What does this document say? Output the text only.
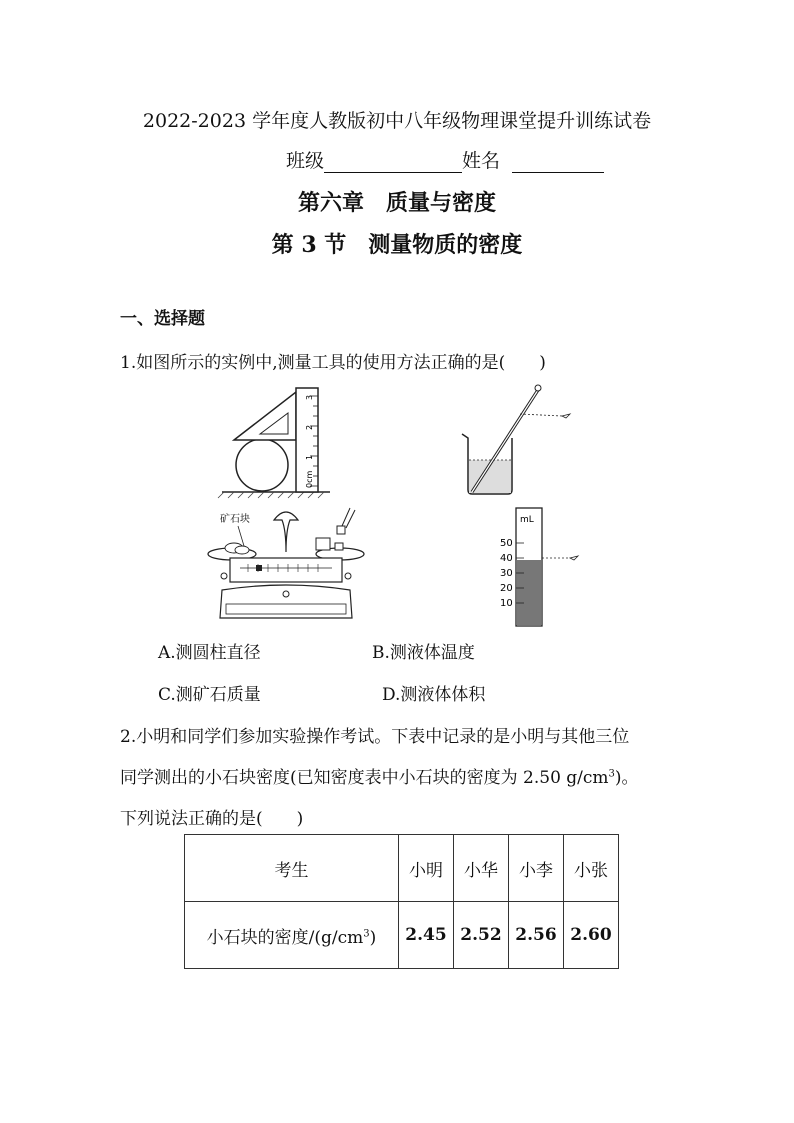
2022-2023 学年度人教版初中八年级物理课堂提升训练试卷
班级	姓名
第六章　质量与密度
第 3 节　测量物质的密度
一、选择题
1.如图所示的实例中,测量工具的使用方法正确的是(　　)
0cm
1
2
3
矿石块	mL
50
40
30
20
10
A.测圆柱直径	B.测液体温度
C.测矿石质量	D.测液体体积
2.小明和同学们参加实验操作考试。下表中记录的是小明与其他三位
同学测出的小石块密度(已知密度表中小石块的密度为 2.50 $g/cm^3$)。
下列说法正确的是(　　)
考生	小明	小华	小李	小张
小石块的密度$/(g/cm^3)$	2.45	2.52	2.56	2.60
